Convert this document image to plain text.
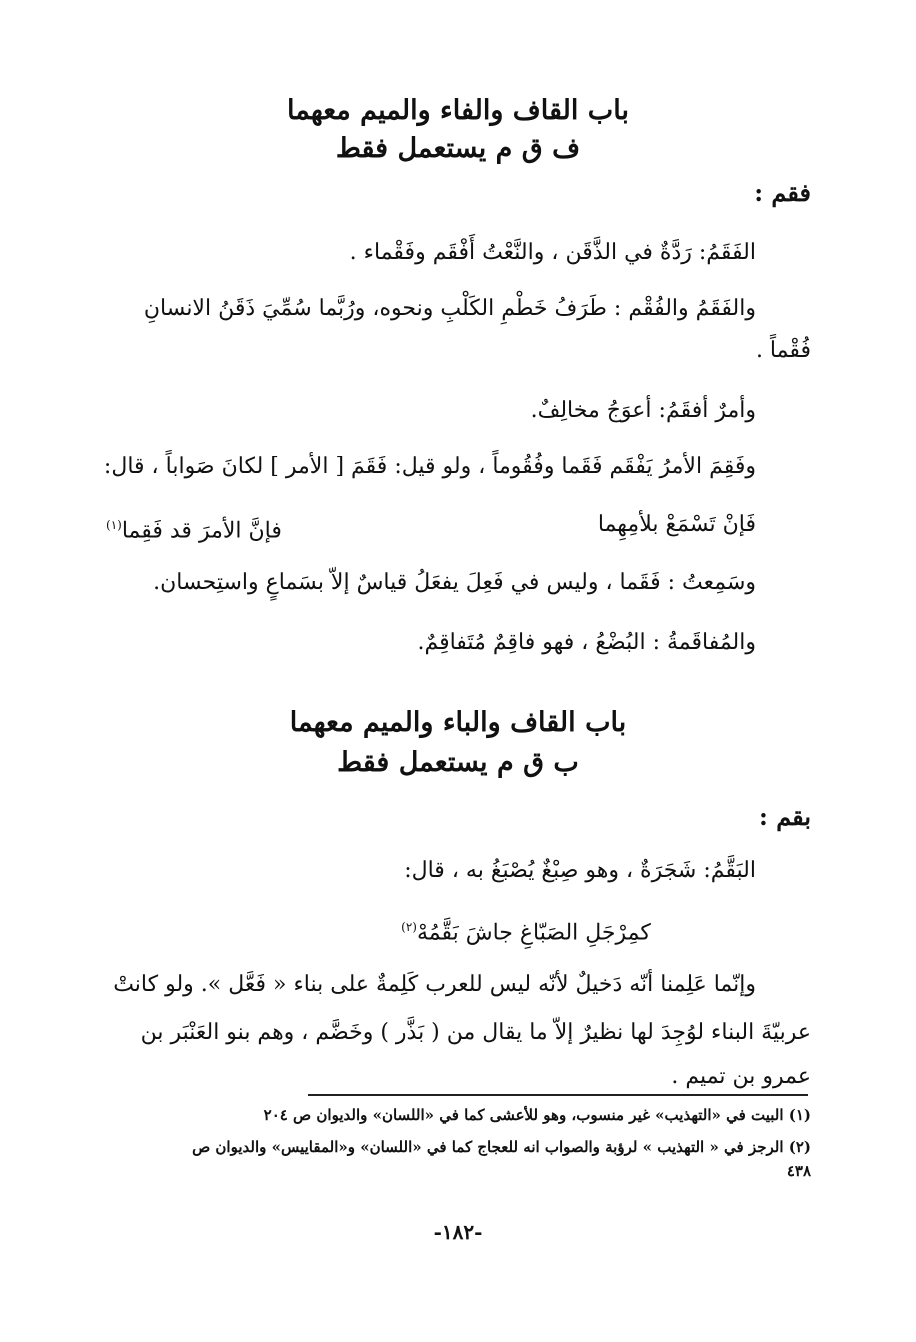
باب القاف والفاء والميم معهما
ف ق م يستعمل فقط
فقم :
الفَقَمُ: رَدَّةٌ في الذَّقَن ، والنَّعْتُ أَفْقَم وفَقْماء .
والفَقَمُ والفُقْم : طَرَفُ خَطْمِ الكَلْبِ ونحوه، ورُبَّما سُمِّيَ ذَقَنُ الانسانِ
فُقْماً .
وأمرٌ أفقَمُ: أعوَجُ مخالِفٌ.
وفَقِمَ الأمرُ يَفْقَم فَقَما وفُقُوماً ، ولو قيل: فَقَمَ [ الأمر ] لكانَ صَواباً ، قال:
فَإنْ تَسْمَعْ بلأمِهِما
فإنَّ الأمرَ قد فَقِما$^{(١)}$
وسَمِعتُ : فَقَما ، وليس في فَعِلَ يفعَلُ قياسٌ إلاّ بسَماعٍ واستِحسان.
والمُفاقَمةُ : البُضْعُ ، فهو فاقِمٌ مُتَفاقِمٌ.
باب القاف والباء والميم معهما
ب ق م يستعمل فقط
بقم :
البَقَّمُ: شَجَرَةٌ ، وهو صِبْغٌ يُصْبَغُ به ، قال:
كمِرْجَلِ الصَبّاغِ جاشَ بَقَّمُهْ$^{(٢)}$
وإنّما عَلِمنا أنّه دَخيلٌ لأنّه ليس للعرب كَلِمةٌ على بناء « فَعَّل ». ولو كانتْ
عربيّةَ البناء لوُجِدَ لها نظيرٌ إلاّ ما يقال من ( بَذَّر ) وخَضَّم ، وهم بنو العَنْبَر بن
عمرو بن تميم .
(١) البيت في «التهذيب» غير منسوب، وهو للأعشى كما في «اللسان» والديوان ص ٢٠٤
(٢) الرجز في « التهذيب » لرؤبة والصواب انه للعجاج كما في «اللسان» و«المقاييس» والديوان ص
٤٣٨
-١٨٢-
